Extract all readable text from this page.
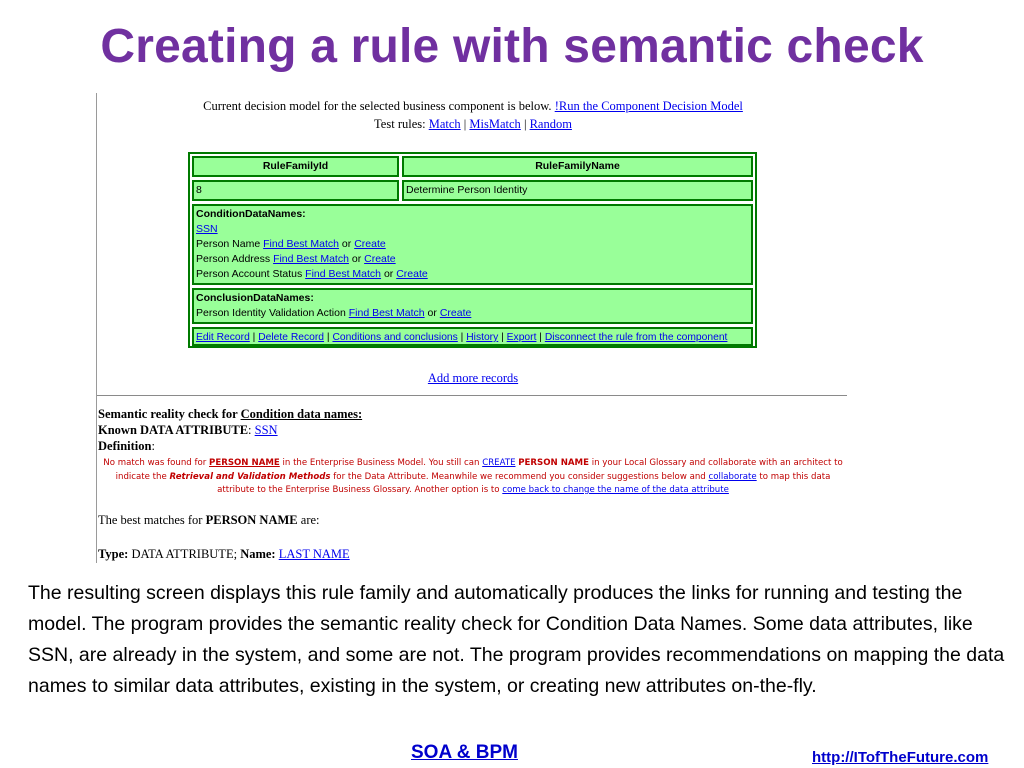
Creating a rule with semantic check
Current decision model for the selected business component is below. !Run the Component Decision Model
Test rules: Match | MisMatch | Random
RuleFamilyId	RuleFamilyName
8	Determine Person Identity
ConditionDataNames:
SSN
Person Name Find Best Match or Create
Person Address Find Best Match or Create
Person Account Status Find Best Match or Create
ConclusionDataNames:
Person Identity Validation Action Find Best Match or Create
Edit Record | Delete Record | Conditions and conclusions | History | Export | Disconnect the rule from the component
Add more records
Semantic reality check for Condition data names:
Known DATA ATTRIBUTE: SSN
Definition:
No match was found for PERSON NAME in the Enterprise Business Model. You still can CREATE PERSON NAME in your Local Glossary and collaborate with an architect to indicate the Retrieval and Validation Methods for the Data Attribute. Meanwhile we recommend you consider suggestions below and collaborate to map this data attribute to the Enterprise Business Glossary. Another option is to come back to change the name of the data attribute
The best matches for PERSON NAME are:
Type: DATA ATTRIBUTE; Name: LAST NAME
The resulting screen displays this rule family and automatically produces the links for running and testing the model. The program provides the semantic reality check for Condition Data Names. Some data attributes, like SSN, are already in the system, and some are not. The program provides recommendations on mapping the data names to similar data attributes, existing in the system, or creating new attributes on-the-fly.
SOA & BPM	http://ITofTheFuture.com
